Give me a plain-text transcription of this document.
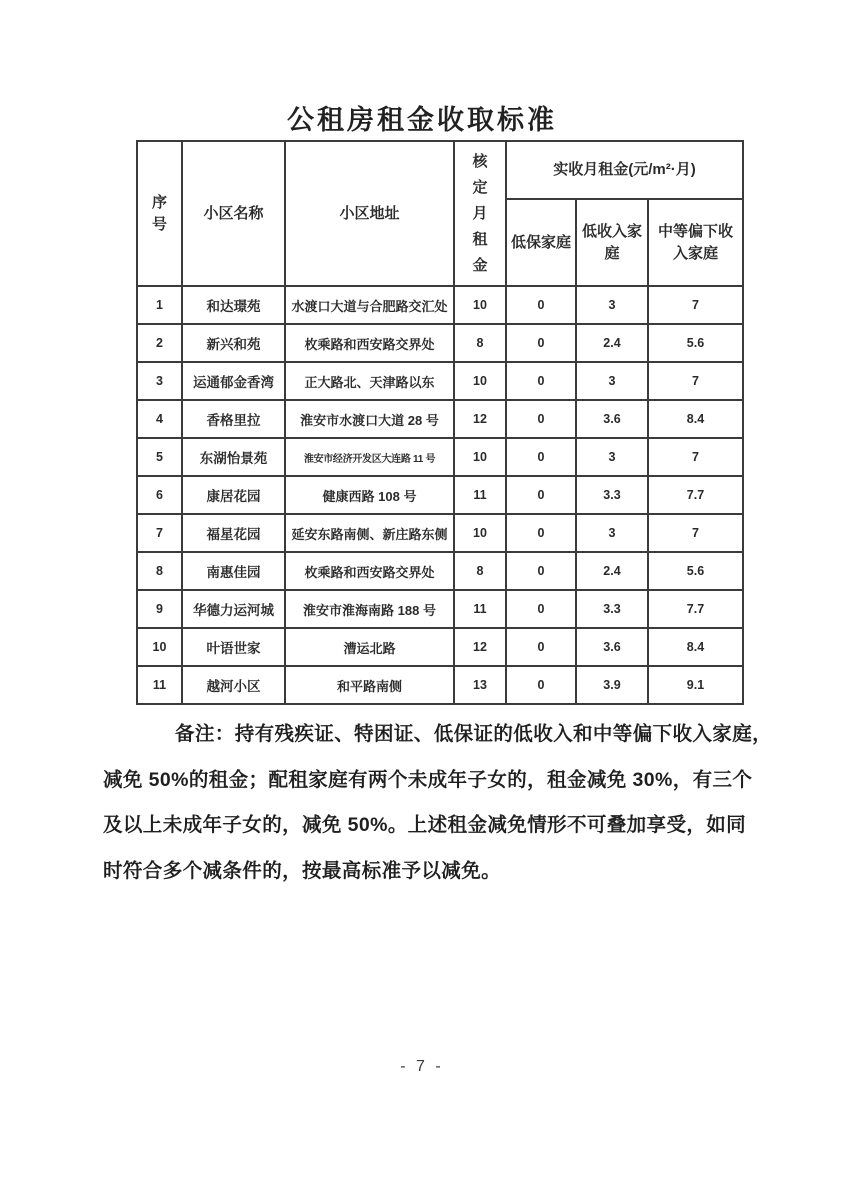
公租房租金收取标准
序号	小区名称	小区地址	核定月租金	实收月租金(元/m²·月)		
				低保家庭	低收入家庭	中等偏下收入家庭
1	和达璟苑	水渡口大道与合肥路交汇处	10	0	3	7
2	新兴和苑	枚乘路和西安路交界处	8	0	2.4	5.6
3	运通郁金香湾	正大路北、天津路以东	10	0	3	7
4	香格里拉	淮安市水渡口大道 28 号	12	0	3.6	8.4
5	东湖怡景苑	淮安市经济开发区大连路 11 号	10	0	3	7
6	康居花园	健康西路 108 号	11	0	3.3	7.7
7	福星花园	延安东路南侧、新庄路东侧	10	0	3	7
8	南惠佳园	枚乘路和西安路交界处	8	0	2.4	5.6
9	华德力运河城	淮安市淮海南路 188 号	11	0	3.3	7.7
10	叶语世家	漕运北路	12	0	3.6	8.4
11	越河小区	和平路南侧	13	0	3.9	9.1
备注：持有残疾证、特困证、低保证的低收入和中等偏下收入家庭，
减免 50%的租金；配租家庭有两个未成年子女的，租金减免 30%，有三个
及以上未成年子女的，减免 50%。上述租金减免情形不可叠加享受，如同
时符合多个减条件的，按最高标准予以减免。
- 7 -
